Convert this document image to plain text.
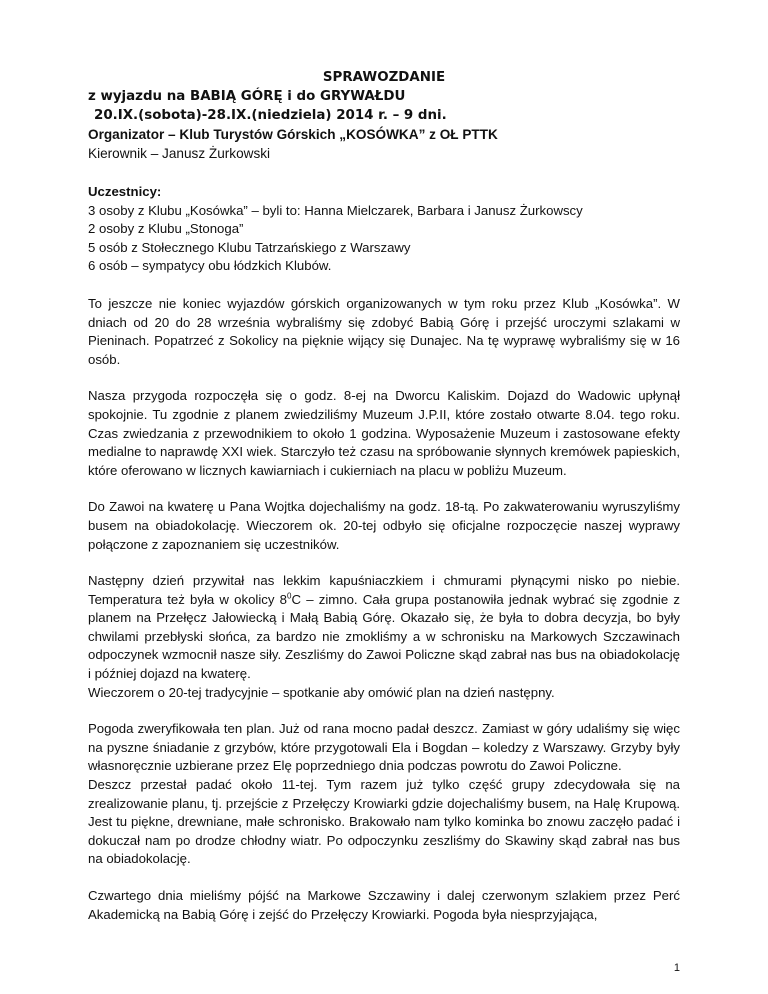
SPRAWOZDANIE
z wyjazdu na BABIĄ GÓRĘ i do GRYWAŁDU
20.IX.(sobota)-28.IX.(niedziela) 2014 r. – 9 dni.
Organizator – Klub Turystów Górskich „KOSÓWKA” z OŁ PTTK
Kierownik – Janusz Żurkowski
Uczestnicy:
3 osoby z Klubu „Kosówka” – byli to: Hanna Mielczarek, Barbara i Janusz Żurkowscy
2 osoby z Klubu „Stonoga”
5 osób z Stołecznego Klubu Tatrzańskiego z Warszawy
6 osób – sympatycy obu łódzkich Klubów.

To jeszcze nie koniec wyjazdów górskich organizowanych w tym roku przez Klub „Kosówka”. W dniach od 20 do 28 września wybraliśmy się zdobyć Babią Górę i przejść uroczymi szlakami w Pieninach. Popatrzeć z Sokolicy na pięknie wijący się Dunajec. Na tę wyprawę wybraliśmy się w 16 osób.

Nasza przygoda rozpoczęła się o godz. 8-ej na Dworcu Kaliskim. Dojazd do Wadowic upłynął spokojnie. Tu zgodnie z planem zwiedziliśmy Muzeum J.P.II, które zostało otwarte 8.04. tego roku. Czas zwiedzania z przewodnikiem to około 1 godzina. Wyposażenie Muzeum i zastosowane efekty medialne to naprawdę XXI wiek. Starczyło też czasu na spróbowanie słynnych kremówek papieskich, które oferowano w licznych kawiarniach i cukierniach na placu w pobliżu Muzeum.

Do Zawoi na kwaterę u Pana Wojtka dojechaliśmy na godz. 18-tą. Po zakwaterowaniu wyruszyliśmy busem na obiadokolację. Wieczorem ok. 20-tej odbyło się oficjalne rozpoczęcie naszej wyprawy połączone z zapoznaniem się uczestników.

Następny dzień przywitał nas lekkim kapuśniaczkiem i chmurami płynącymi nisko po niebie. Temperatura też była w okolicy $8^0C$ – zimno. Cała grupa postanowiła jednak wybrać się zgodnie z planem na Przełęcz Jałowiecką i Małą Babią Górę. Okazało się, że była to dobra decyzja, bo były chwilami przebłyski słońca, za bardzo nie zmokliśmy a w schronisku na Markowych Szczawinach odpoczynek wzmocnił nasze siły. Zeszliśmy do Zawoi Policzne skąd zabrał nas bus na obiadokolację i później dojazd na kwaterę.

Wieczorem o 20-tej tradycyjnie – spotkanie aby omówić plan na dzień następny.

Pogoda zweryfikowała ten plan. Już od rana mocno padał deszcz. Zamiast w góry udaliśmy się więc na pyszne śniadanie z grzybów, które przygotowali Ela i Bogdan – koledzy z Warszawy. Grzyby były własnoręcznie uzbierane przez Elę poprzedniego dnia podczas powrotu do Zawoi Policzne.

Deszcz przestał padać około 11-tej. Tym razem już tylko część grupy zdecydowała się na zrealizowanie planu, tj. przejście z Przełęczy Krowiarki gdzie dojechaliśmy busem, na Halę Krupową. Jest tu piękne, drewniane, małe schronisko. Brakowało nam tylko kominka bo znowu zaczęło padać i dokuczał nam po drodze chłodny wiatr. Po odpoczynku zeszliśmy do Skawiny skąd zabrał nas bus na obiadokolację.

Czwartego dnia mieliśmy pójść na Markowe Szczawiny i dalej czerwonym szlakiem przez Perć Akademicką na Babią Górę i zejść do Przełęczy Krowiarki. Pogoda była niesprzyjająca,

1
